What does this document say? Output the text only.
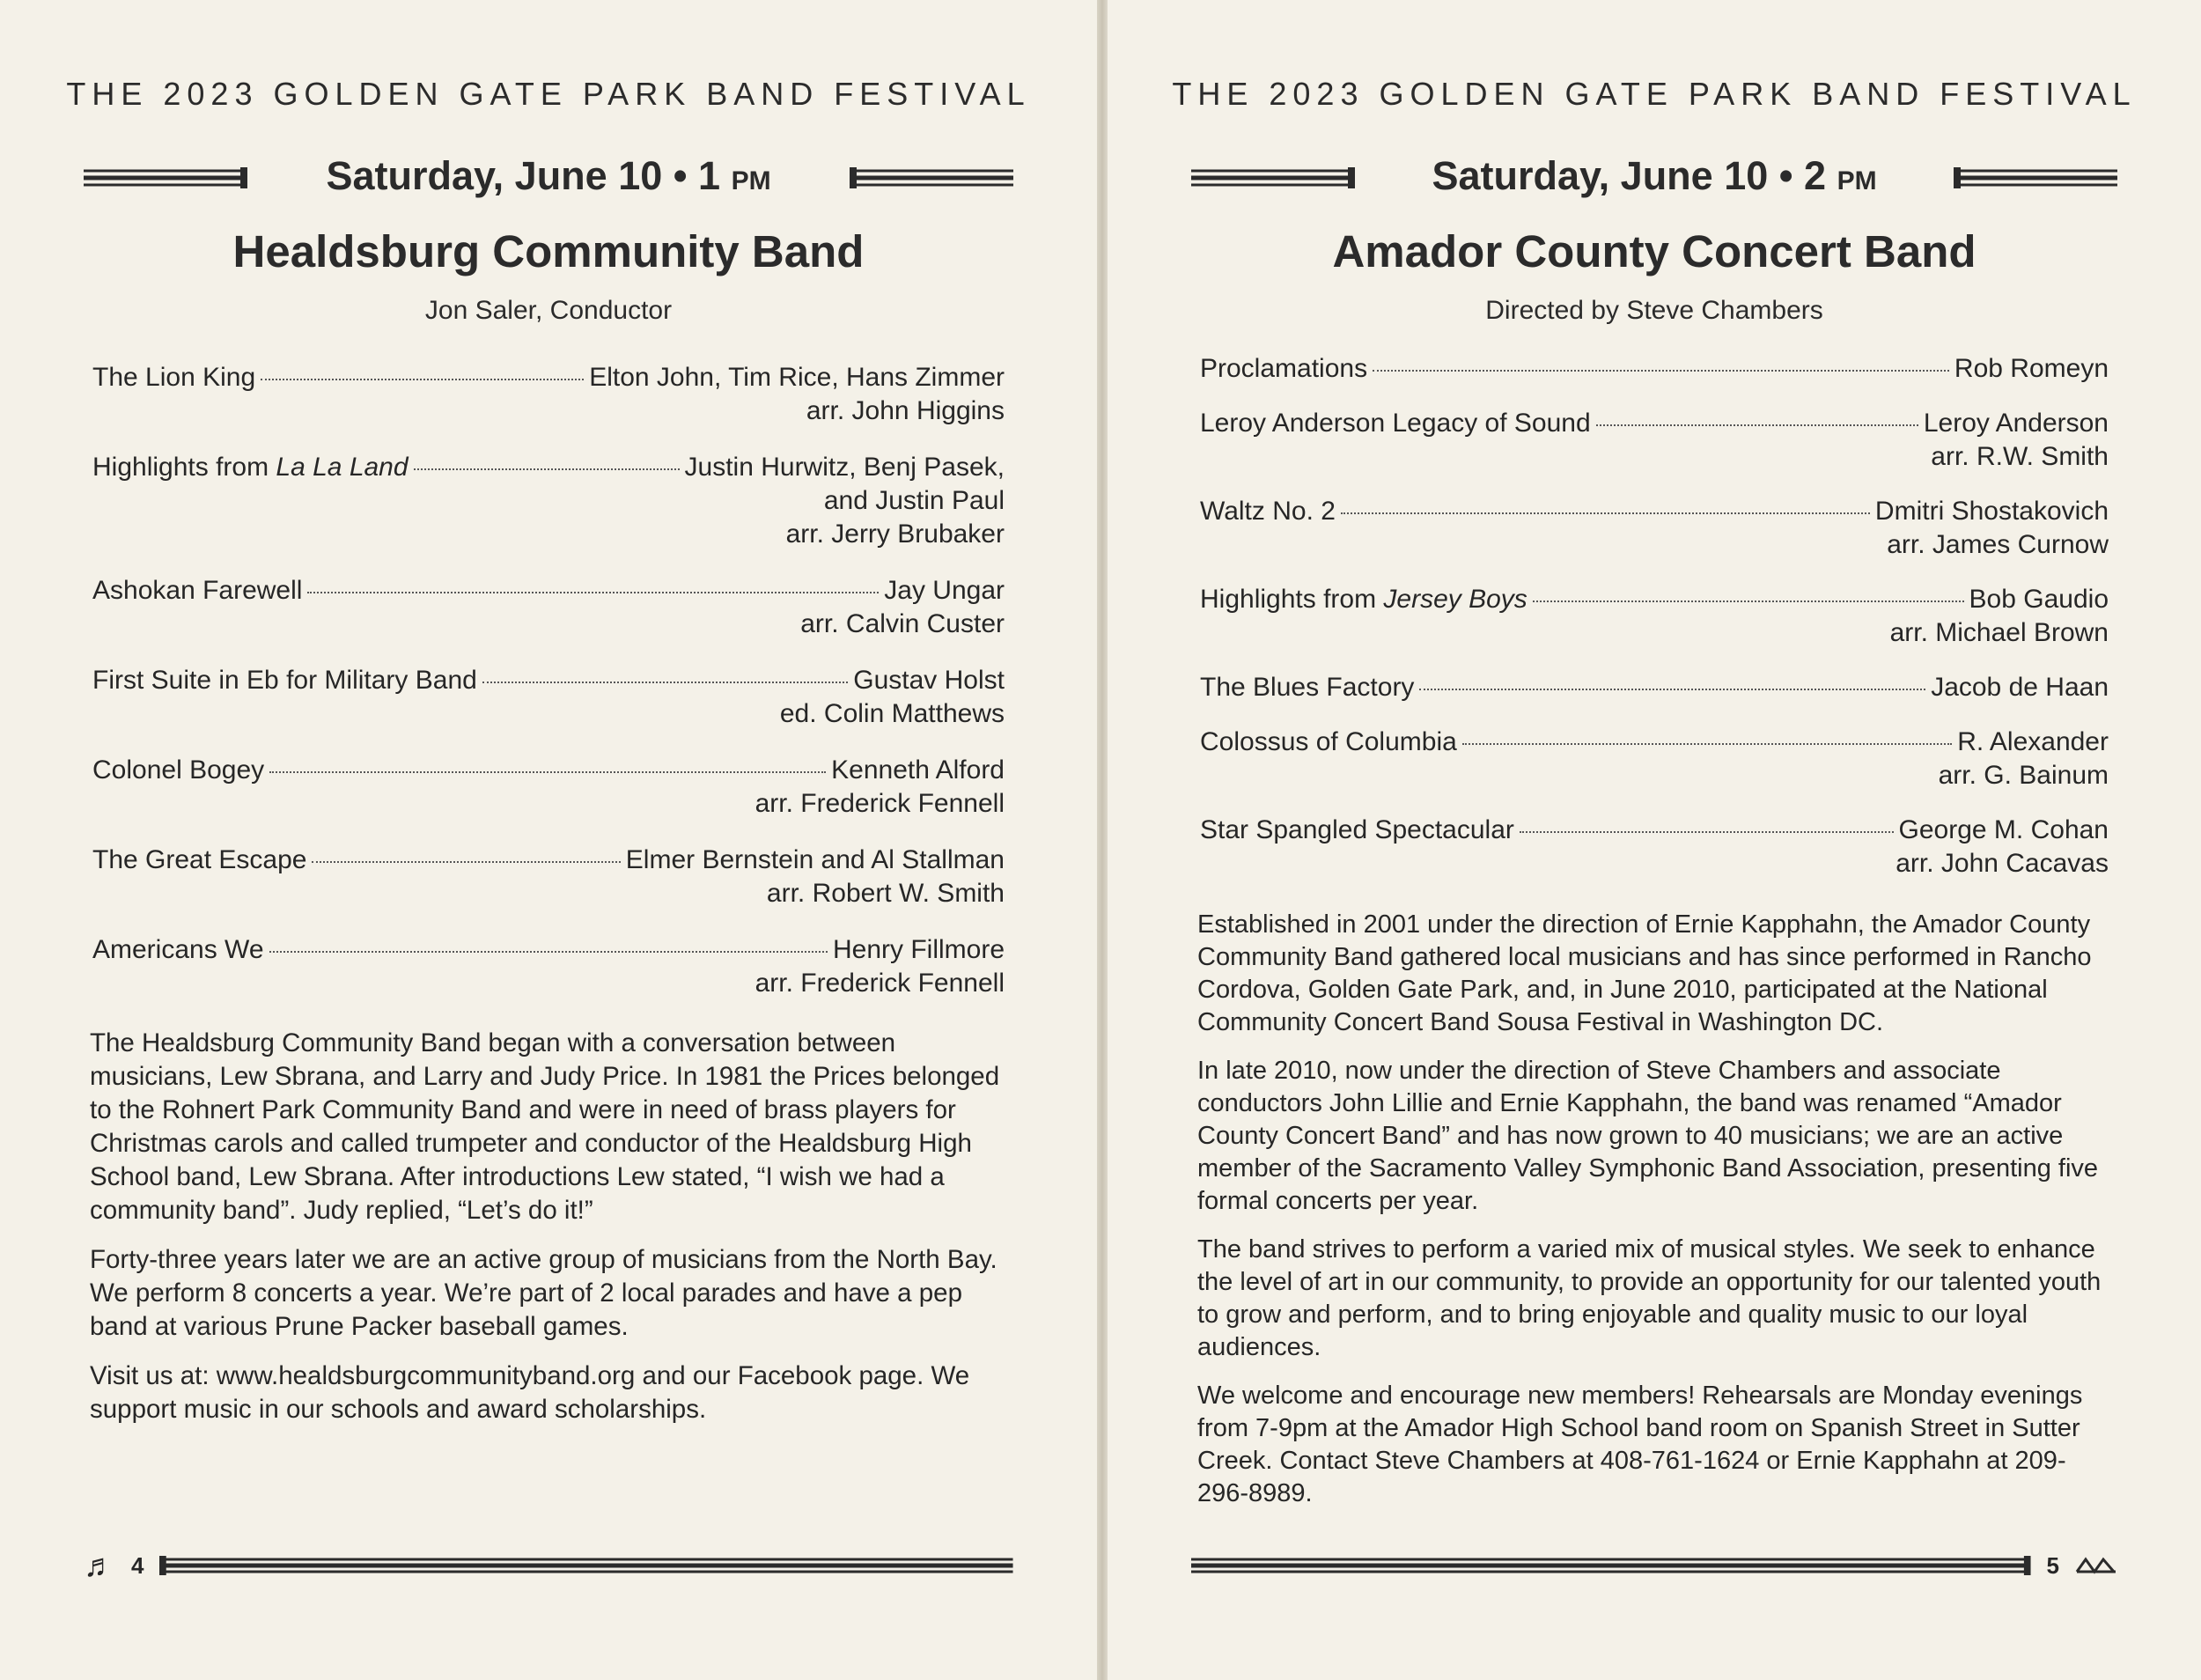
THE 2023 GOLDEN GATE PARK BAND FESTIVAL
Saturday, June 10 • 1 PM
Healdsburg Community Band
Jon Saler, Conductor
The Lion King	Elton John, Tim Rice, Hans Zimmer
arr. John Higgins
Highlights from La La Land	Justin Hurwitz, Benj Pasek,
and Justin Paul
arr. Jerry Brubaker
Ashokan Farewell	Jay Ungar
arr. Calvin Custer
First Suite in Eb for Military Band	Gustav Holst
ed. Colin Matthews
Colonel Bogey	Kenneth Alford
arr. Frederick Fennell
The Great Escape	Elmer Bernstein and Al Stallman
arr. Robert W. Smith
Americans We	Henry Fillmore
arr. Frederick Fennell

The Healdsburg Community Band began with a conversation between musicians, Lew Sbrana, and Larry and Judy Price. In 1981 the Prices belonged to the Rohnert Park Community Band and were in need of brass players for Christmas carols and called trumpeter and conductor of the Healdsburg High School band, Lew Sbrana. After introductions Lew stated, “I wish we had a community band”. Judy replied, “Let’s do it!”

Forty-three years later we are an active group of musicians from the North Bay. We perform 8 concerts a year. We’re part of 2 local parades and have a pep band at various Prune Packer baseball games.

Visit us at: www.healdsburgcommunityband.org and our Facebook page. We support music in our schools and award scholarships.

♬ 4
THE 2023 GOLDEN GATE PARK BAND FESTIVAL
Saturday, June 10 • 2 PM
Amador County Concert Band
Directed by Steve Chambers
Proclamations	Rob Romeyn
Leroy Anderson Legacy of Sound	Leroy Anderson
arr. R.W. Smith
Waltz No. 2	Dmitri Shostakovich
arr. James Curnow
Highlights from Jersey Boys	Bob Gaudio
arr. Michael Brown
The Blues Factory	Jacob de Haan
Colossus of Columbia	R. Alexander
arr. G. Bainum
Star Spangled Spectacular	George M. Cohan
arr. John Cacavas

Established in 2001 under the direction of Ernie Kapphahn, the Amador County Community Band gathered local musicians and has since performed in Rancho Cordova, Golden Gate Park, and, in June 2010, participated at the National Community Concert Band Sousa Festival in Washington DC.

In late 2010, now under the direction of Steve Chambers and associate conductors John Lillie and Ernie Kapphahn, the band was renamed “Amador County Concert Band” and has now grown to 40 musicians; we are an active member of the Sacramento Valley Symphonic Band Association, presenting five formal concerts per year.

The band strives to perform a varied mix of musical styles. We seek to enhance the level of art in our community, to provide an opportunity for our talented youth to grow and perform, and to bring enjoyable and quality music to our loyal audiences.

We welcome and encourage new members! Rehearsals are Monday evenings from 7-9pm at the Amador High School band room on Spanish Street in Sutter Creek. Contact Steve Chambers at 408-761-1624 or Ernie Kapphahn at 209-296-8989.

5
